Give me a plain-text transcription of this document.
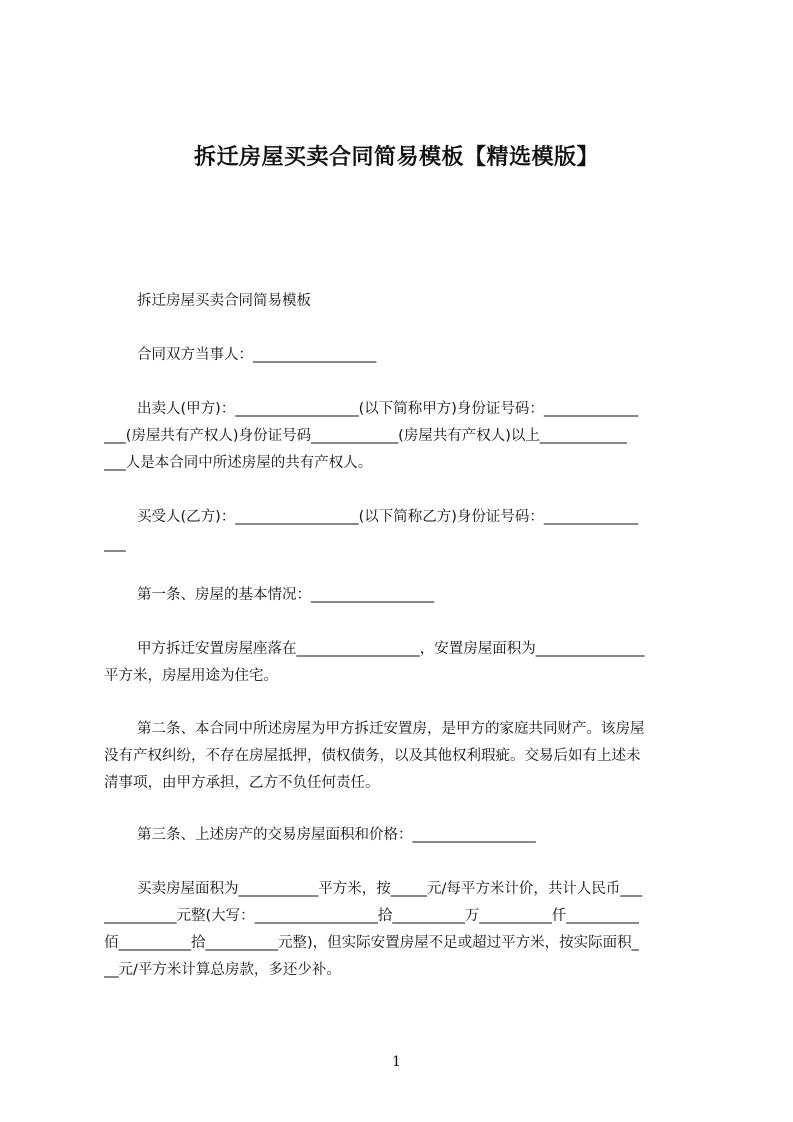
拆迁房屋买卖合同简易模板【精选模版】
拆迁房屋买卖合同简易模板
合同双方当事人：_________________
出卖人(甲方)：_________________(以下简称甲方)身份证号码：_____________
___(房屋共有产权人)身份证号码____________(房屋共有产权人)以上____________
___人是本合同中所述房屋的共有产权人。
买受人(乙方)：_________________(以下简称乙方)身份证号码：_____________
___
第一条、房屋的基本情况：_________________
甲方拆迁安置房屋座落在_________________，安置房屋面积为_______________
平方米，房屋用途为住宅。
第二条、本合同中所述房屋为甲方拆迁安置房，是甲方的家庭共同财产。该房屋
没有产权纠纷，不存在房屋抵押，债权债务，以及其他权利瑕疵。交易后如有上述未
清事项，由甲方承担，乙方不负任何责任。
第三条、上述房产的交易房屋面积和价格：_________________
买卖房屋面积为___________平方米，按_____元/每平方米计价，共计人民币___
__________元整(大写：_________________拾__________万__________仟__________
佰__________拾__________元整)，但实际安置房屋不足或超过平方米，按实际面积_
__元/平方米计算总房款，多还少补。
1
